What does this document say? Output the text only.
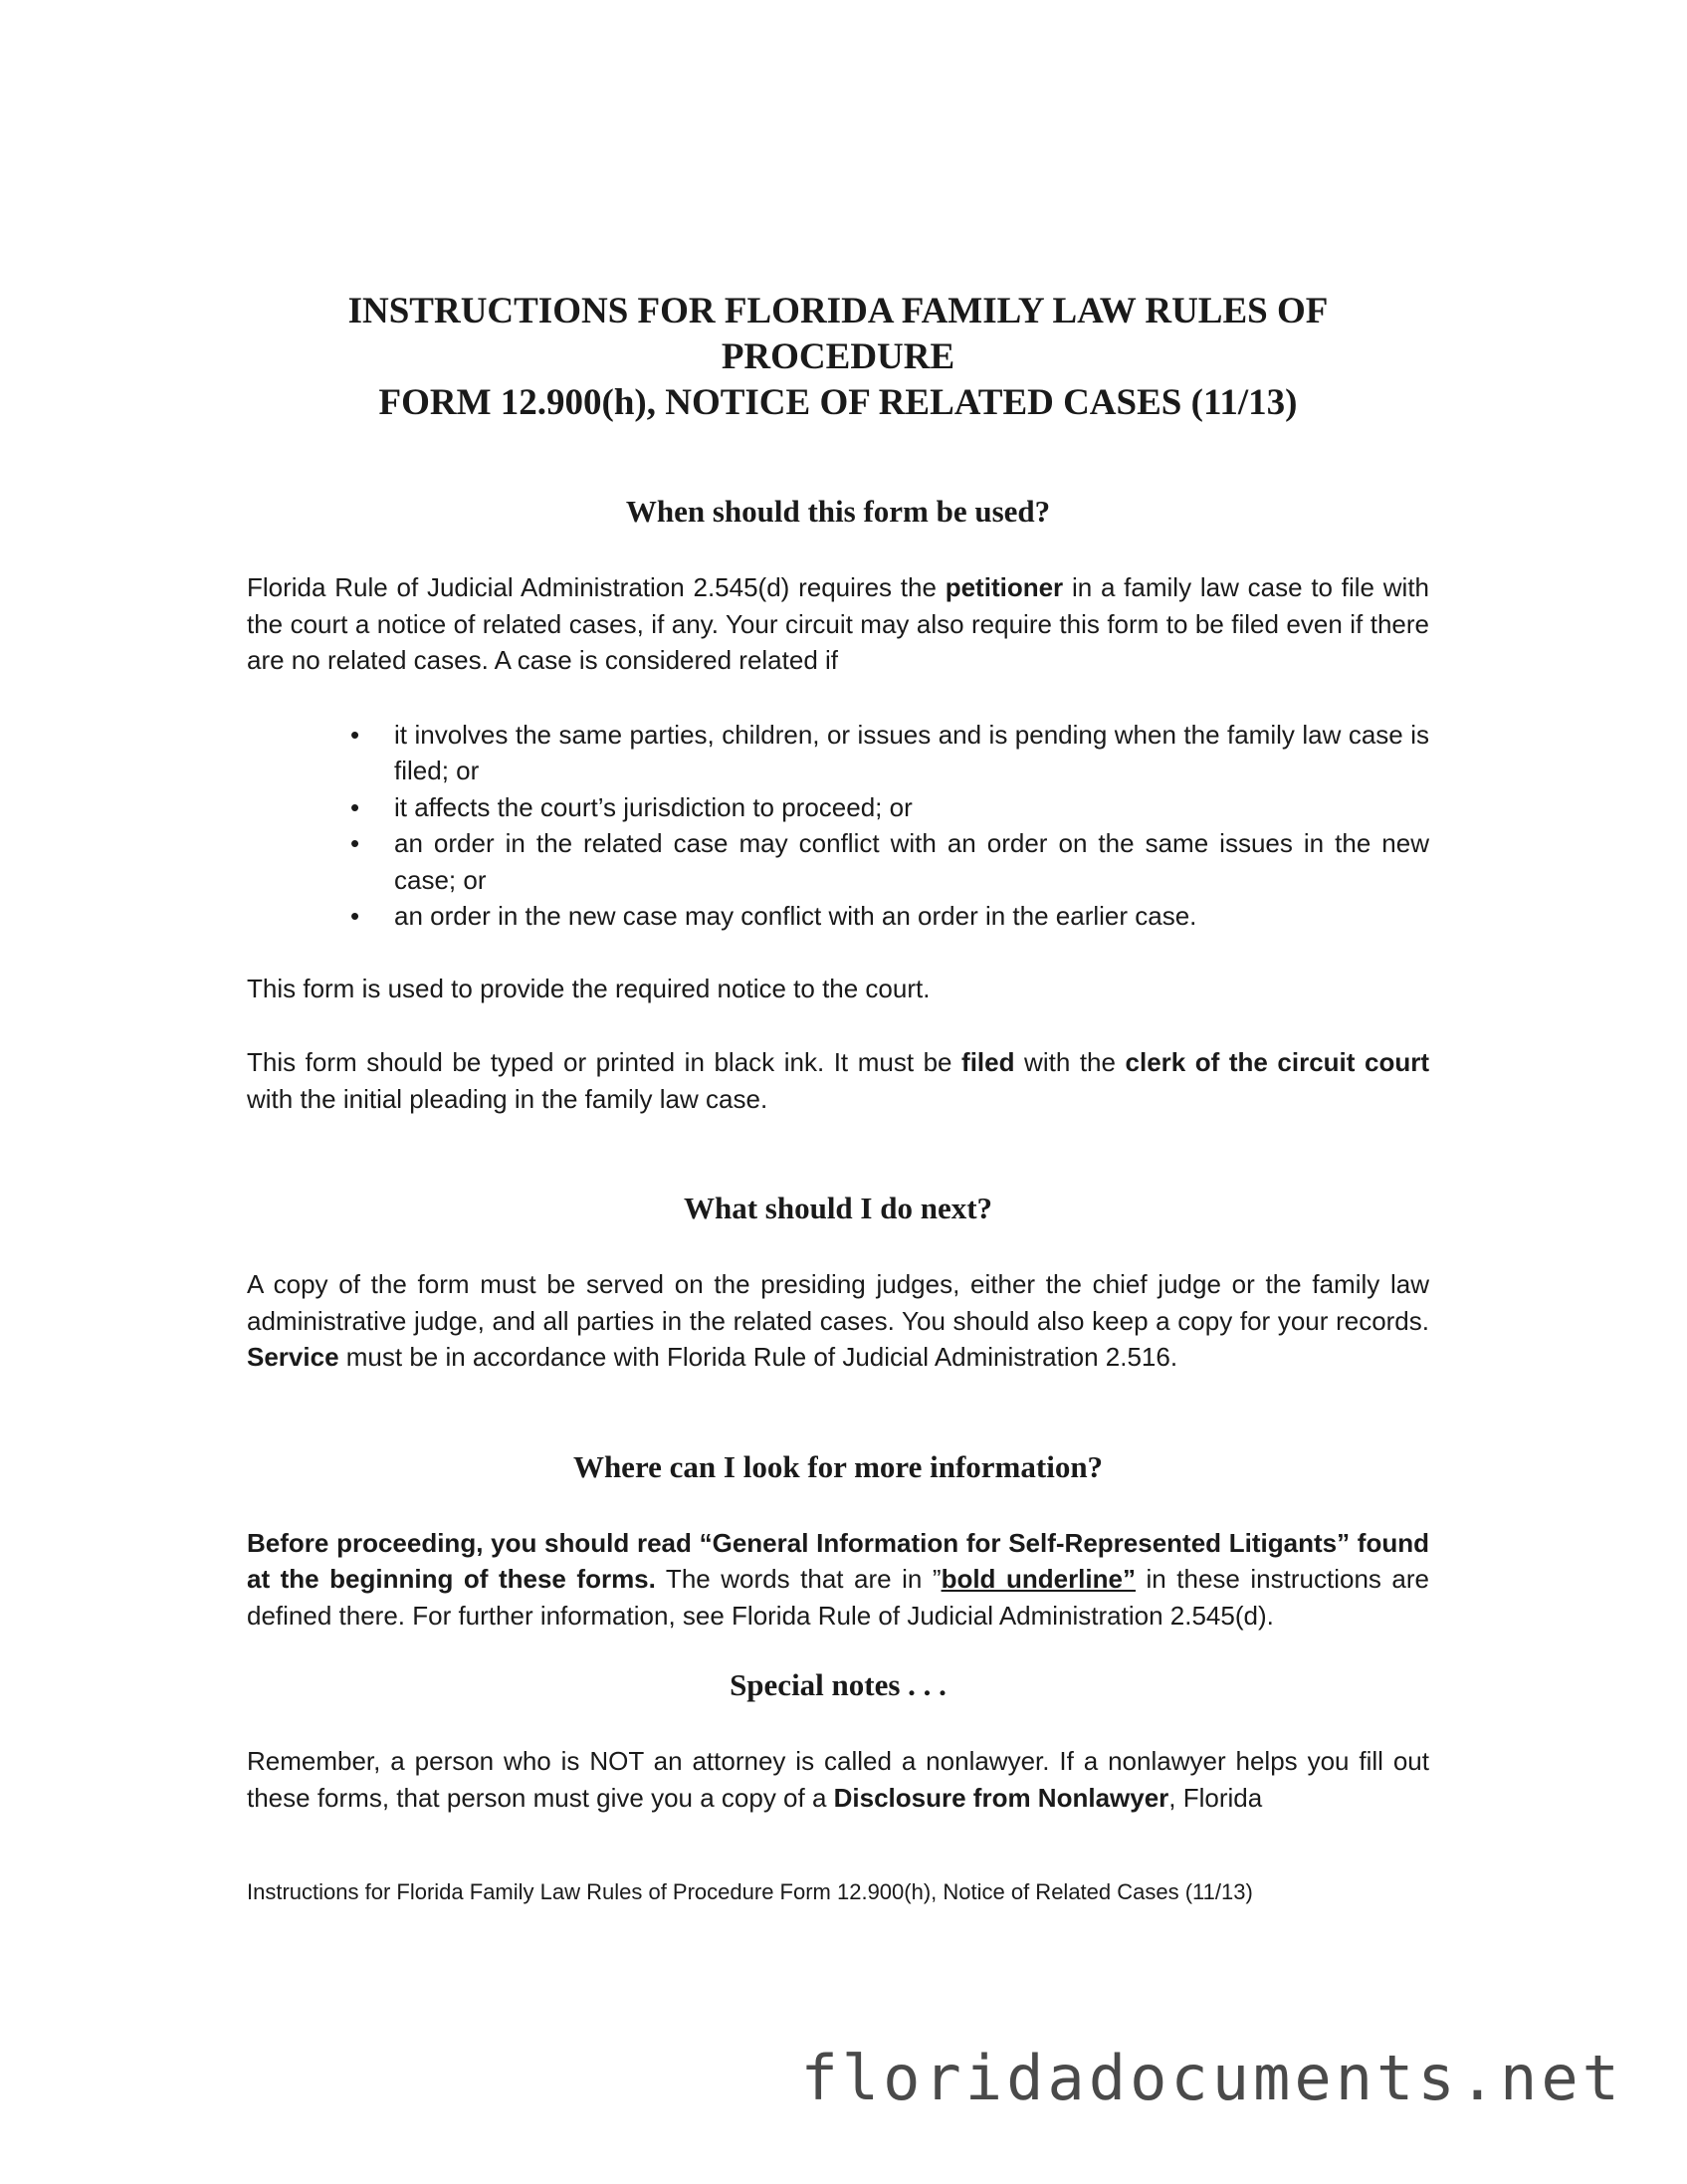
INSTRUCTIONS FOR FLORIDA FAMILY LAW RULES OF PROCEDURE
FORM 12.900(h), NOTICE OF RELATED CASES (11/13)
When should this form be used?

Florida Rule of Judicial Administration 2.545(d) requires the petitioner in a family law case to file with the court a notice of related cases, if any. Your circuit may also require this form to be filed even if there are no related cases. A case is considered related if

• it involves the same parties, children, or issues and is pending when the family law case is filed; or
• it affects the court’s jurisdiction to proceed; or
• an order in the related case may conflict with an order on the same issues in the new case; or
• an order in the new case may conflict with an order in the earlier case.

This form is used to provide the required notice to the court.

This form should be typed or printed in black ink. It must be filed with the clerk of the circuit court with the initial pleading in the family law case.

What should I do next?

A copy of the form must be served on the presiding judges, either the chief judge or the family law administrative judge, and all parties in the related cases. You should also keep a copy for your records. Service must be in accordance with Florida Rule of Judicial Administration 2.516.

Where can I look for more information?

Before proceeding, you should read “General Information for Self-Represented Litigants” found at the beginning of these forms. The words that are in ”bold underline” in these instructions are defined there. For further information, see Florida Rule of Judicial Administration 2.545(d).

Special notes . . .

Remember, a person who is NOT an attorney is called a nonlawyer. If a nonlawyer helps you fill out these forms, that person must give you a copy of a Disclosure from Nonlawyer, Florida

Instructions for Florida Family Law Rules of Procedure Form 12.900(h), Notice of Related Cases (11/13)

floridadocuments.net
